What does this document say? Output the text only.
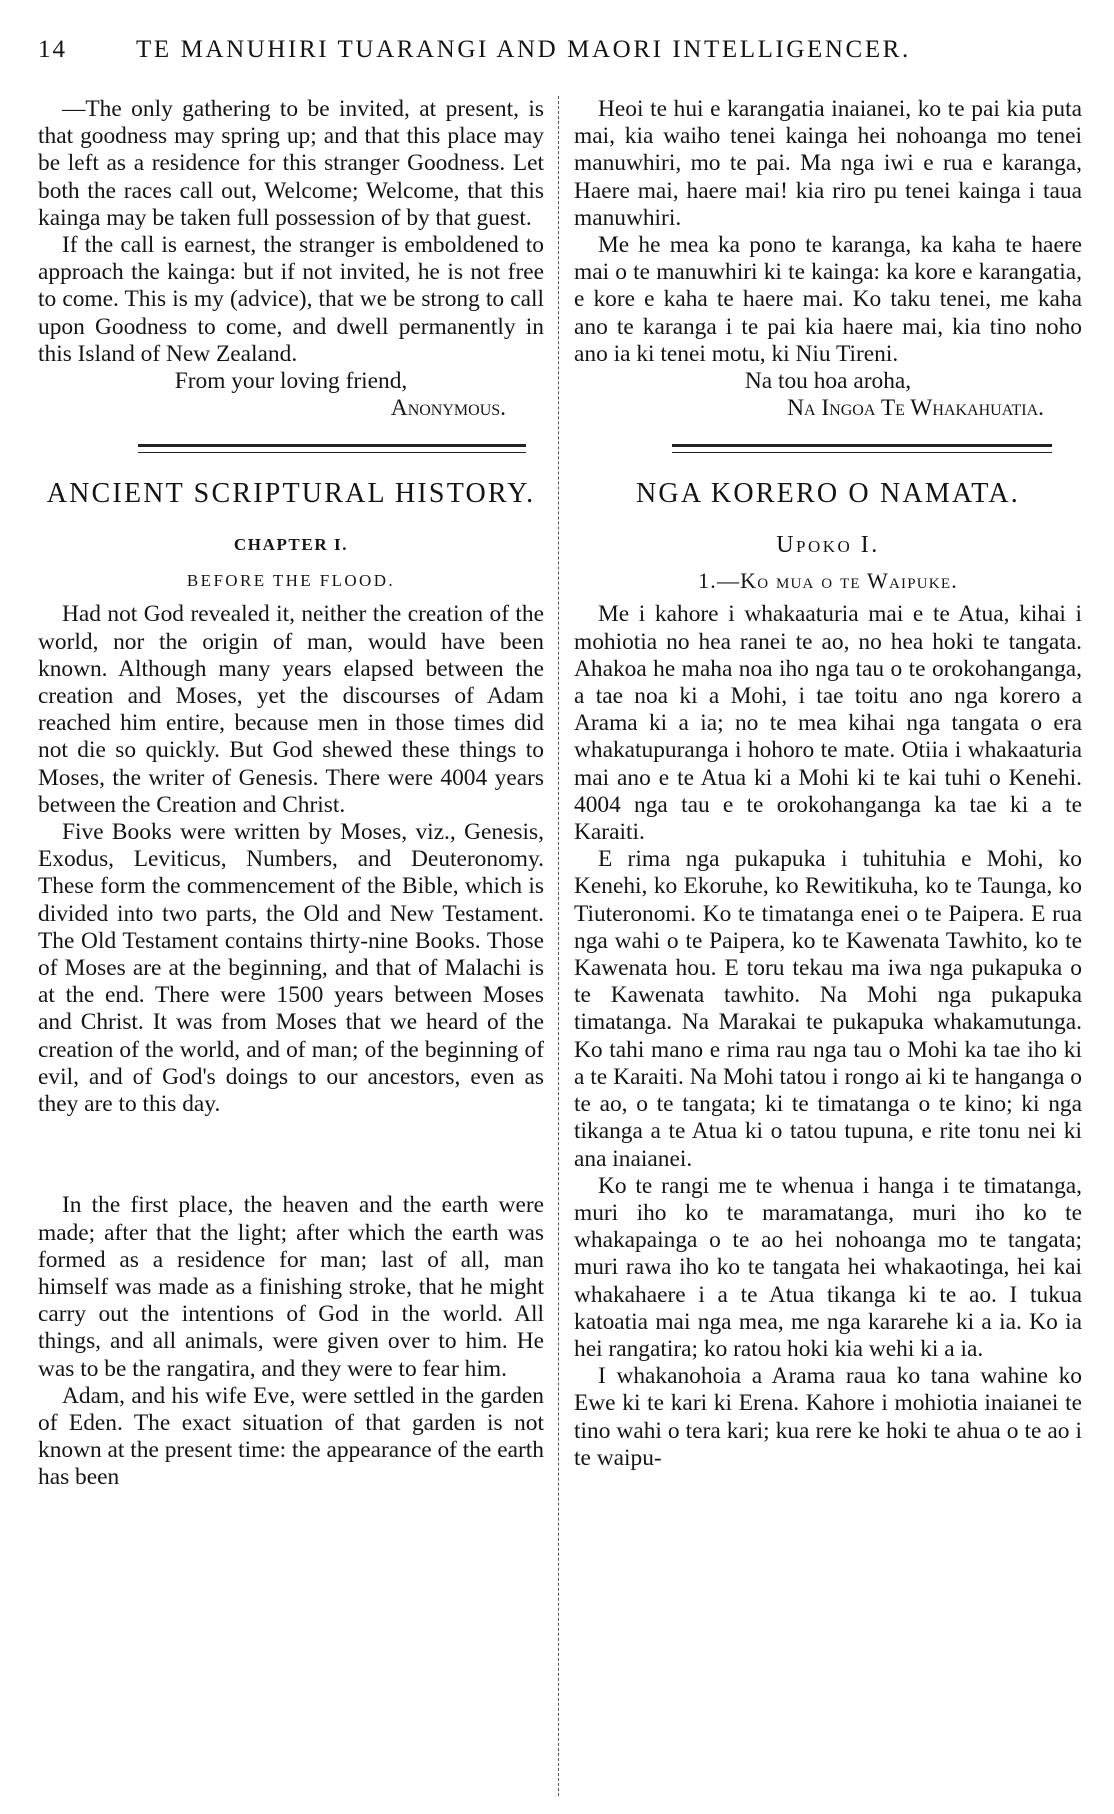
14	TE MANUHIRI TUARANGI AND MAORI INTELLIGENCER.

—The only gathering to be invited, at present, is that goodness may spring up; and that this place may be left as a residence for this stranger Goodness. Let both the races call out, Welcome; Welcome, that this kainga may be taken full possession of by that guest.

If the call is earnest, the stranger is emboldened to approach the kainga: but if not invited, he is not free to come. This is my (advice), that we be strong to call upon Goodness to come, and dwell permanently in this Island of New Zealand.

From your loving friend,

Anonymous.

ANCIENT SCRIPTURAL HISTORY.

CHAPTER I.

BEFORE THE FLOOD.

Had not God revealed it, neither the creation of the world, nor the origin of man, would have been known. Although many years elapsed between the creation and Moses, yet the discourses of Adam reached him entire, because men in those times did not die so quickly. But God shewed these things to Moses, the writer of Genesis. There were 4004 years between the Creation and Christ.

Five Books were written by Moses, viz., Genesis, Exodus, Leviticus, Numbers, and Deuteronomy. These form the commencement of the Bible, which is divided into two parts, the Old and New Testament. The Old Testament contains thirty-nine Books. Those of Moses are at the beginning, and that of Malachi is at the end. There were 1500 years between Moses and Christ. It was from Moses that we heard of the creation of the world, and of man; of the beginning of evil, and of God's doings to our ancestors, even as they are to this day.

In the first place, the heaven and the earth were made; after that the light; after which the earth was formed as a residence for man; last of all, man himself was made as a finishing stroke, that he might carry out the intentions of God in the world. All things, and all animals, were given over to him. He was to be the rangatira, and they were to fear him.

Adam, and his wife Eve, were settled in the garden of Eden. The exact situation of that garden is not known at the present time: the appearance of the earth has been

Heoi te hui e karangatia inaianei, ko te pai kia puta mai, kia waiho tenei kainga hei nohoanga mo tenei manuwhiri, mo te pai. Ma nga iwi e rua e karanga, Haere mai, haere mai! kia riro pu tenei kainga i taua manuwhiri.

Me he mea ka pono te karanga, ka kaha te haere mai o te manuwhiri ki te kainga: ka kore e karangatia, e kore e kaha te haere mai. Ko taku tenei, me kaha ano te karanga i te pai kia haere mai, kia tino noho ano ia ki tenei motu, ki Niu Tireni.

Na tou hoa aroha,

Na Ingoa Te Whakahuatia.

NGA KORERO O NAMATA.

Upoko I.

1.—Ko mua o te Waipuke.

Me i kahore i whakaaturia mai e te Atua, kihai i mohiotia no hea ranei te ao, no hea hoki te tangata. Ahakoa he maha noa iho nga tau o te orokohanganga, a tae noa ki a Mohi, i tae toitu ano nga korero a Arama ki a ia; no te mea kihai nga tangata o era whakatupuranga i hohoro te mate. Otiia i whakaaturia mai ano e te Atua ki a Mohi ki te kai tuhi o Kenehi. 4004 nga tau e te orokohanganga ka tae ki a te Karaiti.

E rima nga pukapuka i tuhituhia e Mohi, ko Kenehi, ko Ekoruhe, ko Rewitikuha, ko te Taunga, ko Tiuteronomi. Ko te timatanga enei o te Paipera. E rua nga wahi o te Paipera, ko te Kawenata Tawhito, ko te Kawenata hou. E toru tekau ma iwa nga pukapuka o te Kawenata tawhito. Na Mohi nga pukapuka timatanga. Na Marakai te pukapuka whakamutunga. Ko tahi mano e rima rau nga tau o Mohi ka tae iho ki a te Karaiti. Na Mohi tatou i rongo ai ki te hanganga o te ao, o te tangata; ki te timatanga o te kino; ki nga tikanga a te Atua ki o tatou tupuna, e rite tonu nei ki ana inaianei.

Ko te rangi me te whenua i hanga i te timatanga, muri iho ko te maramatanga, muri iho ko te whakapainga o te ao hei nohoanga mo te tangata; muri rawa iho ko te tangata hei whakaotinga, hei kai whakahaere i a te Atua tikanga ki te ao. I tukua katoatia mai nga mea, me nga kararehe ki a ia. Ko ia hei rangatira; ko ratou hoki kia wehi ki a ia.

I whakanohoia a Arama raua ko tana wahine ko Ewe ki te kari ki Erena. Kahore i mohiotia inaianei te tino wahi o tera kari; kua rere ke hoki te ahua o te ao i te waipu-
